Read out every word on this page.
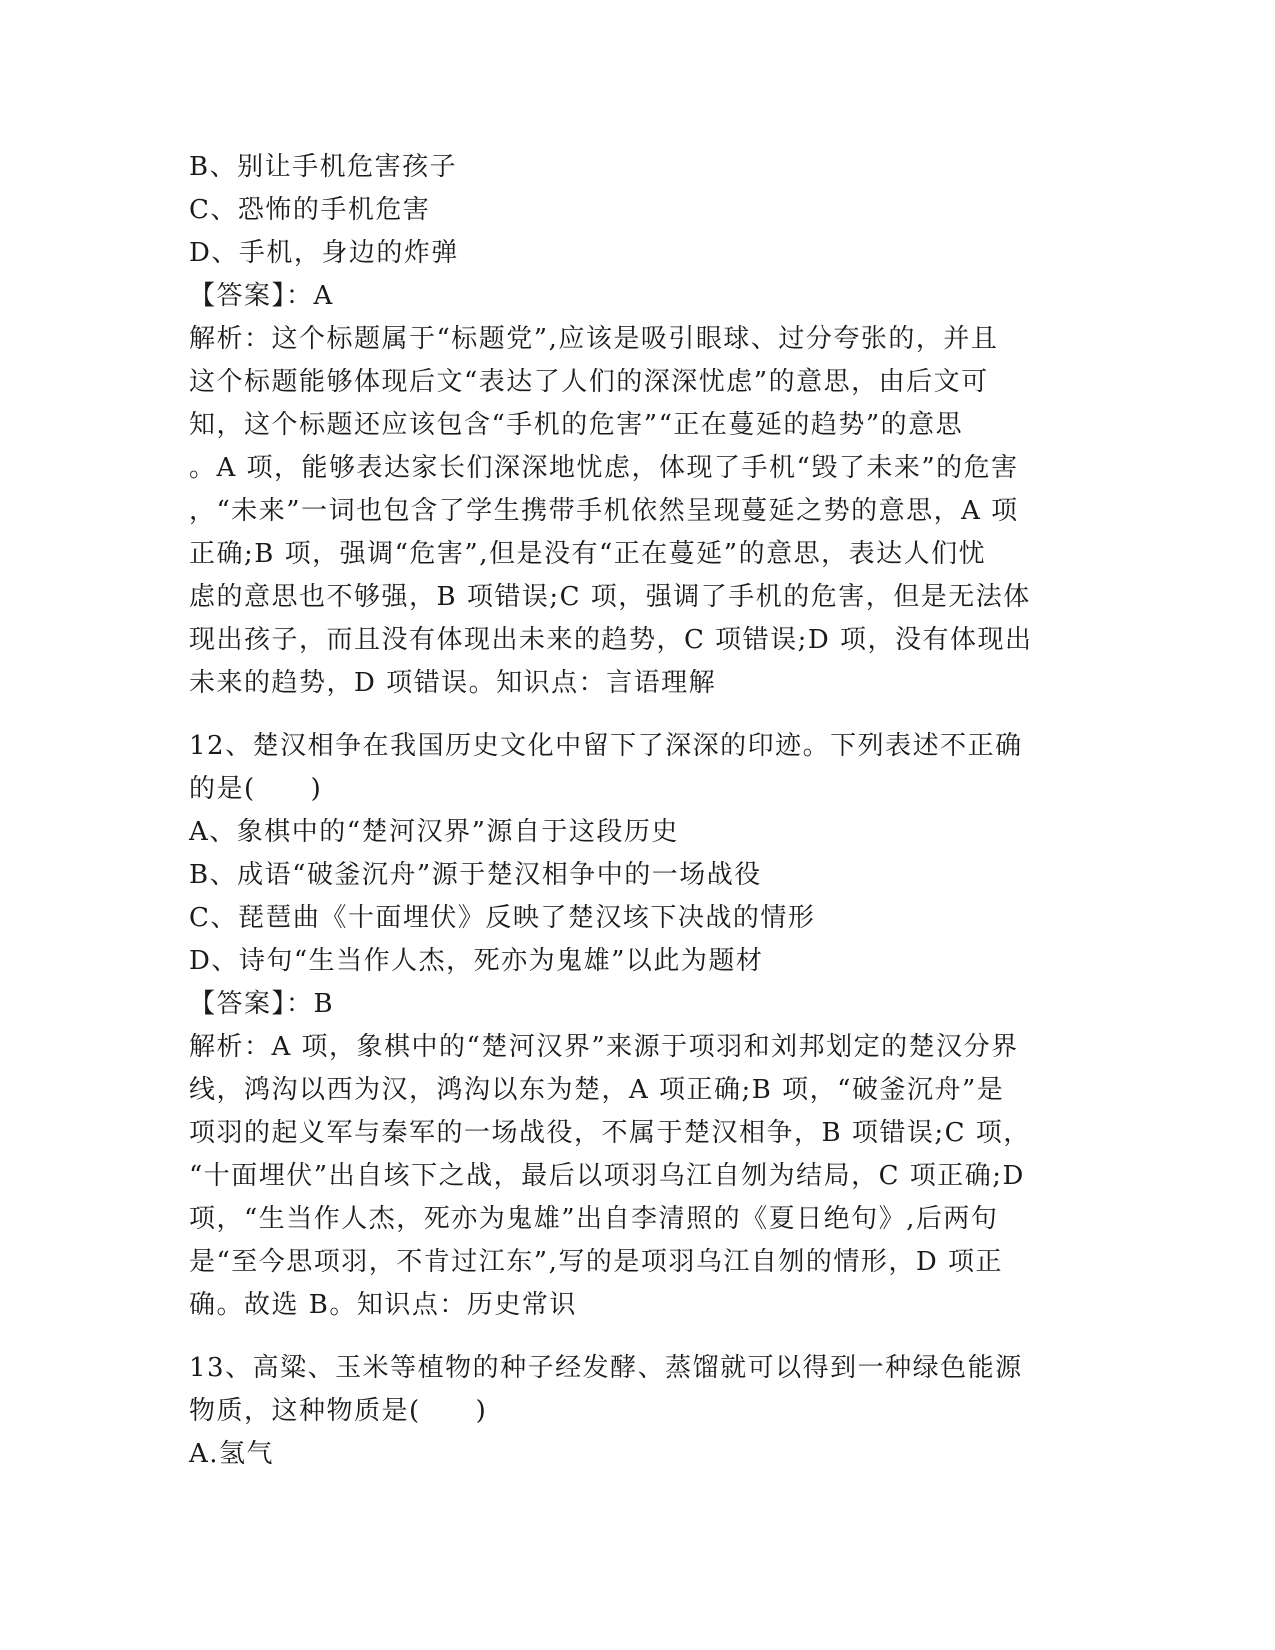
B、别让手机危害孩子
C、恐怖的手机危害
D、手机，身边的炸弹
【答案】：A
解析：这个标题属于“标题党”,应该是吸引眼球、过分夸张的，并且
这个标题能够体现后文“表达了人们的深深忧虑”的意思，由后文可
知，这个标题还应该包含“手机的危害”“正在蔓延的趋势”的意思
。A 项，能够表达家长们深深地忧虑，体现了手机“毁了未来”的危害
，“未来”一词也包含了学生携带手机依然呈现蔓延之势的意思，A 项
正确;B 项，强调“危害”,但是没有“正在蔓延”的意思，表达人们忧
虑的意思也不够强，B 项错误;C 项，强调了手机的危害，但是无法体
现出孩子，而且没有体现出未来的趋势，C 项错误;D 项，没有体现出
未来的趋势，D 项错误。知识点：言语理解
12、楚汉相争在我国历史文化中留下了深深的印迹。下列表述不正确
的是(　　)
A、象棋中的“楚河汉界”源自于这段历史
B、成语“破釜沉舟”源于楚汉相争中的一场战役
C、琵琶曲《十面埋伏》反映了楚汉垓下决战的情形
D、诗句“生当作人杰，死亦为鬼雄”以此为题材
【答案】：B
解析：A 项，象棋中的“楚河汉界”来源于项羽和刘邦划定的楚汉分界
线，鸿沟以西为汉，鸿沟以东为楚，A 项正确;B 项，“破釜沉舟”是
项羽的起义军与秦军的一场战役，不属于楚汉相争，B 项错误;C 项，
“十面埋伏”出自垓下之战，最后以项羽乌江自刎为结局，C 项正确;D
项，“生当作人杰，死亦为鬼雄”出自李清照的《夏日绝句》,后两句
是“至今思项羽，不肯过江东”,写的是项羽乌江自刎的情形，D 项正
确。故选 B。知识点：历史常识
13、高粱、玉米等植物的种子经发酵、蒸馏就可以得到一种绿色能源
物质，这种物质是(　　)
A.氢气
